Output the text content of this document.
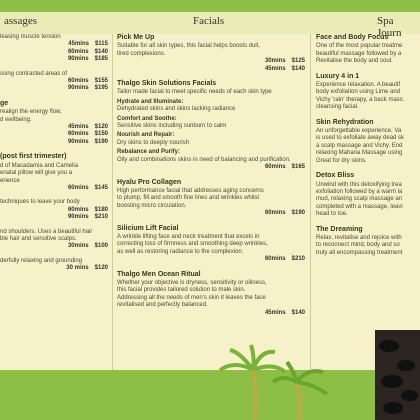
assages	Facials	Spa Journ
leasing muscle tension
45mins $115
60mins $140
90mins $185
ssing contracted areas of
60mins $155
90mins $195
ge
realign the energy flow,
d wellbeing.
45mins $120
60mins $150
90mins $190
(post first trimester)
d of Macadamia and Camelia
enatal pillow will give you a
erience
60mins $145
techniques to leave your body
60mins $180
90mins $210
nd shoulders. Uses a beautiful hair
ble hair and sensitive scalps.
30mins $100
derfully relaxing and grounding
30 mins $120
Pick Me Up
Suitable for all skin types, this facial helps boosts dull,
tired complexions.
30mins $125
45mins $140
Thalgo Skin Solutions Facials
Tailor made facial to meet specific needs of each skin type
Hydrate and Illuminate:
Dehydrated skins and skins lacking radiance
Comfort and Soothe:
Sensitive skins including sunburn to calm
Nourish and Repair:
Dry skins to deeply nourish
Rebalance and Purify:
Oily and combinations skins in need of balancing and purification.
60mins $165
Hyalu Pro Collagen
High performance facial that addresses aging concerns
to plump, fill and smooth fine lines and wrinkles whilst
boosting micro circulation.
60mins $190
Silicium Lift Facial
A wrinkle lifting face and neck treatment that excels in
correcting loss of firmness and smoothing deep wrinkles,
as well as restoring radiance to the complexion.
60mins $210
Thalgo Men Ocean Ritual
Whether your objective is dryness, sensitivity or oiliness,
this facial provides tailored solution to male skin.
Addressing all the needs of men's skin it leaves the face
revitalised and perfectly balanced.
45mins $140
Face and Body Focus
One of the most popular treatme
beautiful massage followed by a
Revitalise the body and soul.
Luxury 4 in 1
Experience relaxation. A beautif
body exfoliation using Lime and
Vichy 'rain' therapy, a back mass
cleansing facial.
Skin Rehydration
An unforgettable experience. Va
is used to exfoliate away dead sk
a scalp massage and Vichy. End
relaxing Mahana Massage using
Great for dry skins.
Detox Bliss
Unwind with this detoxifying trea
exfoliation followed by a warm la
mud, relaxing scalp massage an
completed with a massage, leavi
head to toe.
The Dreaming
Relax, revitalise and rejoice with
to reconnect mind, body and so
truly all encompassing treatment
